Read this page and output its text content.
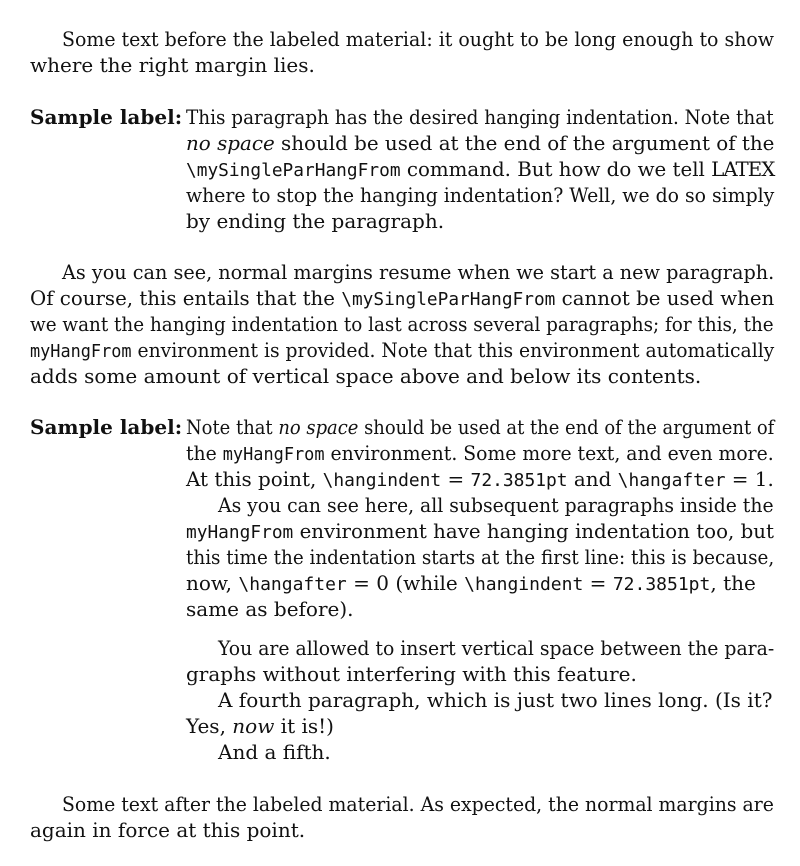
Some text before the labeled material: it ought to be long enough to show
where the right margin lies.
Sample label: This paragraph has the desired hanging indentation. Note that
no space should be used at the end of the argument of the
\mySingleParHangFrom command. But how do we tell LATEX
where to stop the hanging indentation? Well, we do so simply
by ending the paragraph.
As you can see, normal margins resume when we start a new paragraph.
Of course, this entails that the \mySingleParHangFrom cannot be used when
we want the hanging indentation to last across several paragraphs; for this, the
myHangFrom environment is provided. Note that this environment automatically
adds some amount of vertical space above and below its contents.
Sample label: Note that no space should be used at the end of the argument of
the myHangFrom environment. Some more text, and even more.
At this point, \hangindent = 72.3851pt and \hangafter = 1.
As you can see here, all subsequent paragraphs inside the
myHangFrom environment have hanging indentation too, but
this time the indentation starts at the first line: this is because,
now, \hangafter = 0 (while \hangindent = 72.3851pt, the
same as before).
You are allowed to insert vertical space between the para-
graphs without interfering with this feature.
A fourth paragraph, which is just two lines long. (Is it?
Yes, now it is!)
And a fifth.
Some text after the labeled material. As expected, the normal margins are
again in force at this point.
